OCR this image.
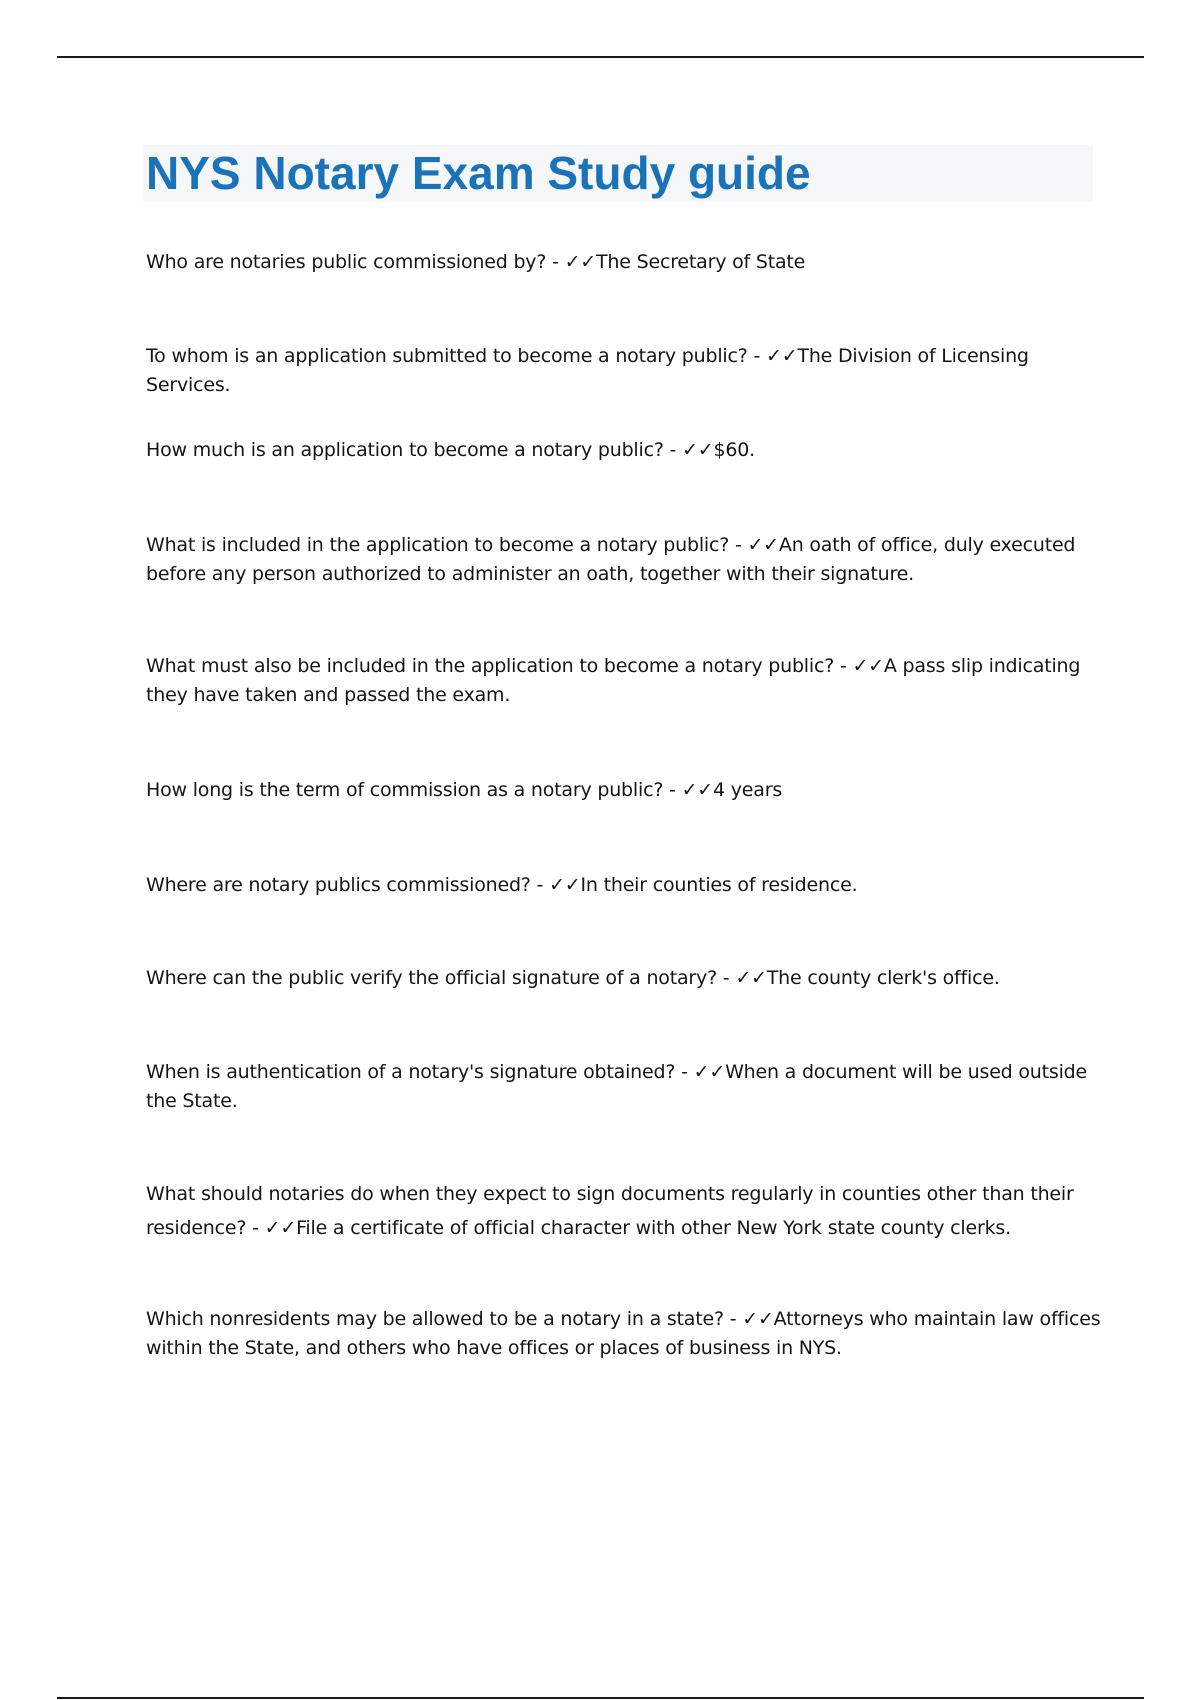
NYS Notary Exam Study guide

Who are notaries public commissioned by? - ✓✓The Secretary of State

To whom is an application submitted to become a notary public? - ✓✓The Division of Licensing Services.

How much is an application to become a notary public? - ✓✓$60.

What is included in the application to become a notary public? - ✓✓An oath of office, duly executed before any person authorized to administer an oath, together with their signature.

What must also be included in the application to become a notary public? - ✓✓A pass slip indicating they have taken and passed the exam.

How long is the term of commission as a notary public? - ✓✓4 years

Where are notary publics commissioned? - ✓✓In their counties of residence.

Where can the public verify the official signature of a notary? - ✓✓The county clerk's office.

When is authentication of a notary's signature obtained? - ✓✓When a document will be used outside the State.

What should notaries do when they expect to sign documents regularly in counties other than their residence? - ✓✓File a certificate of official character with other New York state county clerks.

Which nonresidents may be allowed to be a notary in a state? - ✓✓Attorneys who maintain law offices within the State, and others who have offices or places of business in NYS.
